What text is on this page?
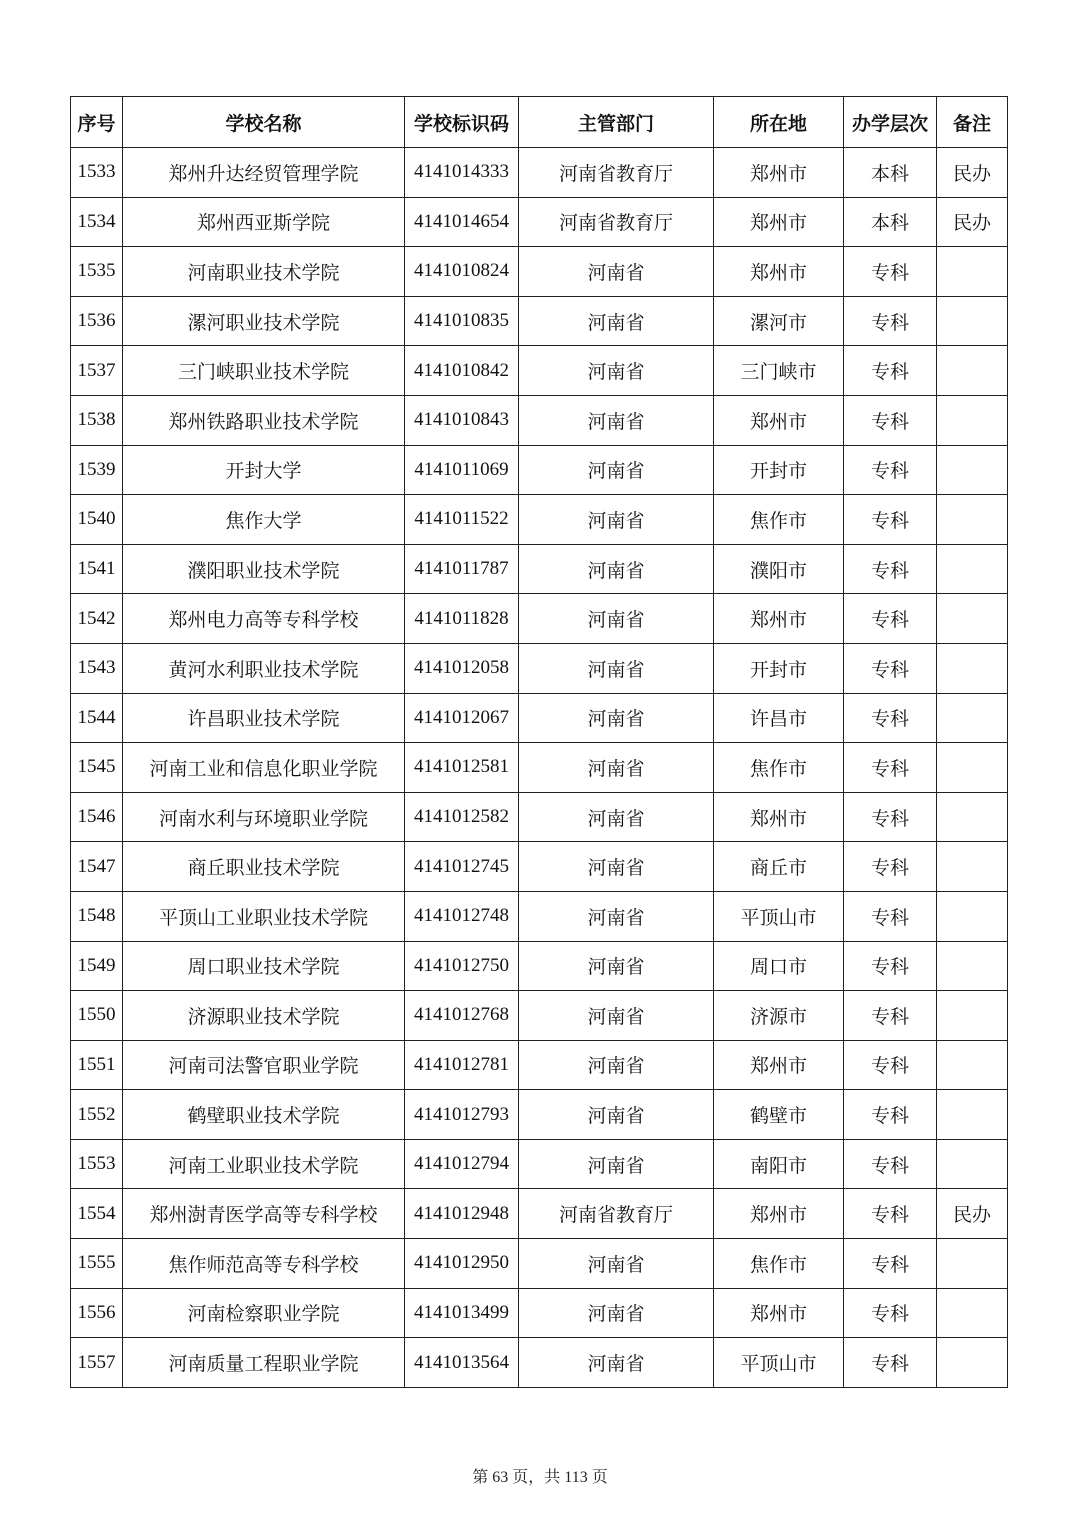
序号	学校名称	学校标识码	主管部门	所在地	办学层次	备注
1533	郑州升达经贸管理学院	4141014333	河南省教育厅	郑州市	本科	民办
1534	郑州西亚斯学院	4141014654	河南省教育厅	郑州市	本科	民办
1535	河南职业技术学院	4141010824	河南省	郑州市	专科	
1536	漯河职业技术学院	4141010835	河南省	漯河市	专科	
1537	三门峡职业技术学院	4141010842	河南省	三门峡市	专科	
1538	郑州铁路职业技术学院	4141010843	河南省	郑州市	专科	
1539	开封大学	4141011069	河南省	开封市	专科	
1540	焦作大学	4141011522	河南省	焦作市	专科	
1541	濮阳职业技术学院	4141011787	河南省	濮阳市	专科	
1542	郑州电力高等专科学校	4141011828	河南省	郑州市	专科	
1543	黄河水利职业技术学院	4141012058	河南省	开封市	专科	
1544	许昌职业技术学院	4141012067	河南省	许昌市	专科	
1545	河南工业和信息化职业学院	4141012581	河南省	焦作市	专科	
1546	河南水利与环境职业学院	4141012582	河南省	郑州市	专科	
1547	商丘职业技术学院	4141012745	河南省	商丘市	专科	
1548	平顶山工业职业技术学院	4141012748	河南省	平顶山市	专科	
1549	周口职业技术学院	4141012750	河南省	周口市	专科	
1550	济源职业技术学院	4141012768	河南省	济源市	专科	
1551	河南司法警官职业学院	4141012781	河南省	郑州市	专科	
1552	鹤壁职业技术学院	4141012793	河南省	鹤壁市	专科	
1553	河南工业职业技术学院	4141012794	河南省	南阳市	专科	
1554	郑州澍青医学高等专科学校	4141012948	河南省教育厅	郑州市	专科	民办
1555	焦作师范高等专科学校	4141012950	河南省	焦作市	专科	
1556	河南检察职业学院	4141013499	河南省	郑州市	专科	
1557	河南质量工程职业学院	4141013564	河南省	平顶山市	专科	
第 63 页，共 113 页
